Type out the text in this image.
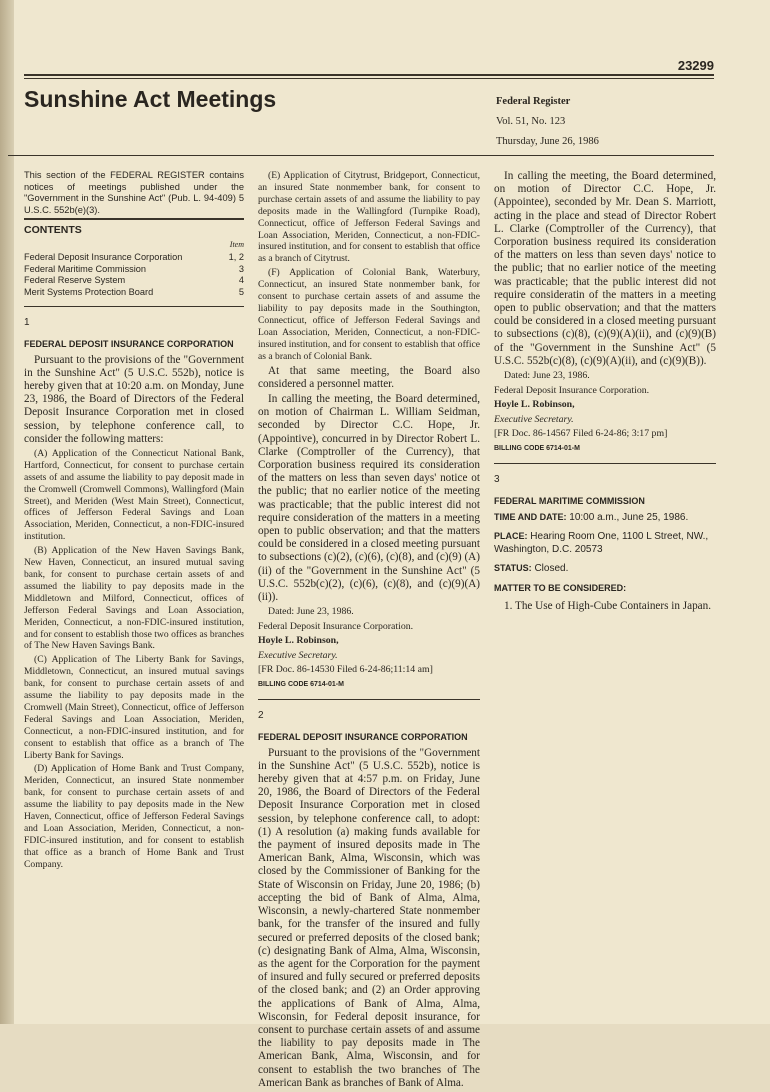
23299
Sunshine Act Meetings	Federal Register
Vol. 51, No. 123
Thursday, June 26, 1986

This section of the FEDERAL REGISTER contains notices of meetings published under the "Government in the Sunshine Act" (Pub. L. 94-409) 5 U.S.C. 552b(e)(3).

CONTENTS
Item
Federal Deposit Insurance Corporation	1, 2
Federal Maritime Commission	3
Federal Reserve System	4
Merit Systems Protection Board	5
1
FEDERAL DEPOSIT INSURANCE CORPORATION

Pursuant to the provisions of the "Government in the Sunshine Act" (5 U.S.C. 552b), notice is hereby given that at 10:20 a.m. on Monday, June 23, 1986, the Board of Directors of the Federal Deposit Insurance Corporation met in closed session, by telephone conference call, to consider the following matters:

(A) Application of the Connecticut National Bank, Hartford, Connecticut, for consent to purchase certain assets of and assume the liability to pay deposit made in the Cromwell (Cromwell Commons), Wallingford (Main Street), and Meriden (West Main Street), Connecticut, offices of Jefferson Federal Savings and Loan Association, Meriden, Connecticut, a non-FDIC-insured institution.

(B) Application of the New Haven Savings Bank, New Haven, Connecticut, an insured mutual saving bank, for consent to purchase certain assets of and assumed the liability to pay deposits made in the Middletown and Milford, Connecticut, offices of Jefferson Federal Savings and Loan Association, Meriden, Connecticut, a non-FDIC-insured institution, and for consent to establish those two offices as branches of The New Haven Savings Bank.

(C) Application of The Liberty Bank for Savings, Middletown, Connecticut, an insured mutual savings bank, for consent to purchase certain assets of and assume the liability to pay deposits made in the Cromwell (Main Street), Connecticut, office of Jefferson Federal Savings and Loan Association, Meriden, Connecticut, a non-FDIC-insured institution, and for consent to establish that office as a branch of The Liberty Bank for Savings.

(D) Application of Home Bank and Trust Company, Meriden, Connecticut, an insured State nonmember bank, for consent to purchase certain assets of and assume the liability to pay deposits made in the New Haven, Connecticut, office of Jefferson Federal Savings and Loan Association, Meriden, Connecticut, a non-FDIC-insured institution, and for consent to establish that office as a branch of Home Bank and Trust Company.

(E) Application of Citytrust, Bridgeport, Connecticut, an insured State nonmember bank, for consent to purchase certain assets of and assume the liability to pay deposits made in the Wallingford (Turnpike Road), Connecticut, office of Jefferson Federal Savings and Loan Association, Meriden, Connecticut, a non-FDIC-insured institution, and for consent to establish that office as a branch of Citytrust.

(F) Application of Colonial Bank, Waterbury, Connecticut, an insured State nonmember bank, for consent to purchase certain assets of and assume the liability to pay deposits made in the Southington, Connecticut, office of Jefferson Federal Savings and Loan Association, Meriden, Connecticut, a non-FDIC-insured institution, and for consent to establish that office as a branch of Colonial Bank.

At that same meeting, the Board also considered a personnel matter.

In calling the meeting, the Board determined, on motion of Chairman L. William Seidman, seconded by Director C.C. Hope, Jr. (Appointive), concurred in by Director Robert L. Clarke (Comptroller of the Currency), that Corporation business required its consideration of the matters on less than seven days' notice ot the public; that no earlier notice of the meeting was practicable; that the public interest did not require consideration of the matters in a meeting open to public observation; and that the matters could be considered in a closed meeting pursuant to subsections (c)(2), (c)(6), (c)(8), and (c)(9) (A)(ii) of the "Government in the Sunshine Act" (5 U.S.C. 552b(c)(2), (c)(6), (c)(8), and (c)(9)(A)(ii)).

Dated: June 23, 1986.

Federal Deposit Insurance Corporation.

Hoyle L. Robinson,

Executive Secretary.

[FR Doc. 86-14530 Filed 6-24-86;11:14 am]

BILLING CODE 6714-01-M
2
FEDERAL DEPOSIT INSURANCE CORPORATION

Pursuant to the provisions of the "Government in the Sunshine Act" (5 U.S.C. 552b), notice is hereby given that at 4:57 p.m. on Friday, June 20, 1986, the Board of Directors of the Federal Deposit Insurance Corporation met in closed session, by telephone conference call, to adopt: (1) A resolution (a) making funds available for the payment of insured deposits made in The American Bank, Alma, Wisconsin, which was closed by the Commissioner of Banking for the State of Wisconsin on Friday, June 20, 1986; (b) accepting the bid of Bank of Alma, Alma, Wisconsin, a newly-chartered State nonmember bank, for the transfer of the insured and fully secured or preferred deposits of the closed bank; (c) designating Bank of Alma, Alma, Wisconsin, as the agent for the Corporation for the payment of insured and fully secured or preferred deposits of the closed bank; and (2) an Order approving the applications of Bank of Alma, Alma, Wisconsin, for Federal deposit insurance, for consent to purchase certain assets of and assume the liability to pay deposits made in The American Bank, Alma, Wisconsin, and for consent to establish the two branches of The American Bank as branches of Bank of Alma.

In calling the meeting, the Board determined, on motion of Director C.C. Hope, Jr. (Appointee), seconded by Mr. Dean S. Marriott, acting in the place and stead of Director Robert L. Clarke (Comptroller of the Currency), that Corporation business required its consideration of the matters on less than seven days' notice to the public; that no earlier notice of the meeting was practicable; that the public interest did not require consideratin of the matters in a meeting open to public observation; and that the matters could be considered in a closed meeting pursuant to subsections (c)(8), (c)(9)(A)(ii), and (c)(9)(B) of the "Government in the Sunshine Act" (5 U.S.C. 552b(c)(8), (c)(9)(A)(ii), and (c)(9)(B)).

Dated: June 23, 1986.

Federal Deposit Insurance Corporation.

Hoyle L. Robinson,

Executive Secretary.

[FR Doc. 86-14567 Filed 6-24-86; 3:17 pm]

BILLING CODE 6714-01-M
3
FEDERAL MARITIME COMMISSION
TIME AND DATE: 10:00 a.m., June 25, 1986.
PLACE: Hearing Room One, 1100 L Street, NW., Washington, D.C. 20573
STATUS: Closed.
MATTER TO BE CONSIDERED:

1. The Use of High-Cube Containers in Japan.
